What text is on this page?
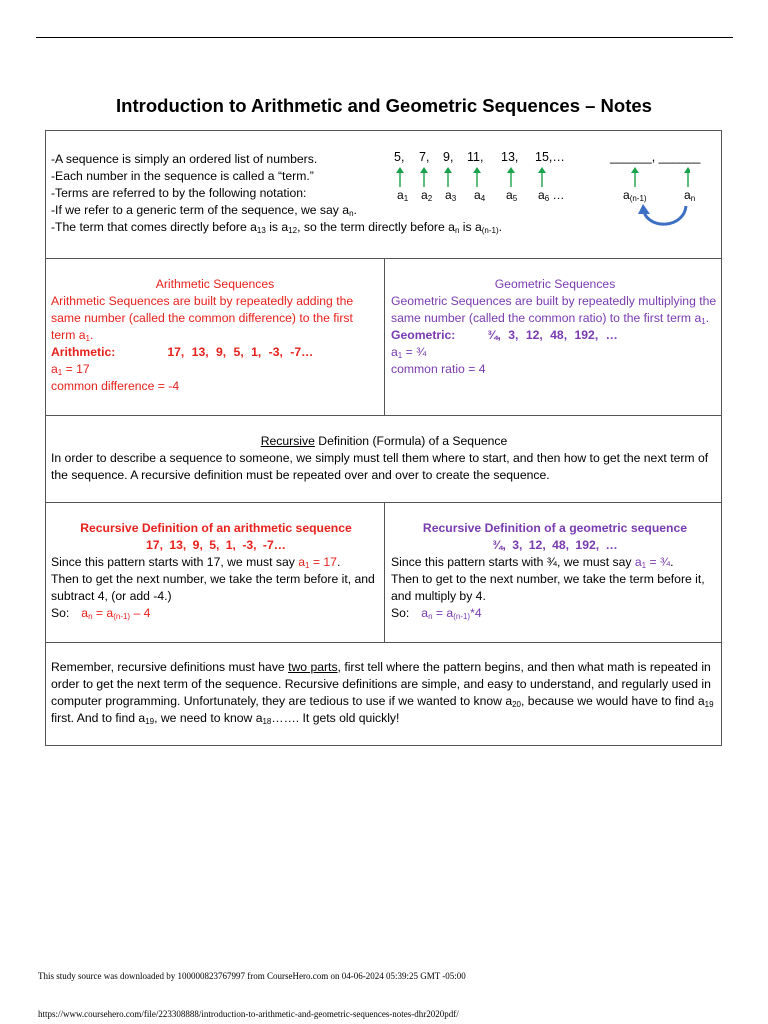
Introduction to Arithmetic and Geometric Sequences – Notes
-A sequence is simply an ordered list of numbers.
-Each number in the sequence is called a “term.”
-Terms are referred to by the following notation:
-If we refer to a generic term of the sequence, we say $a_n$.
-The term that comes directly before $a_{13}$ is $a_{12}$, so the term directly before $a_n$ is $a_{(n-1)}$.
5, 7, 9, 11, 13, 15,…	______, ______
$a_1$ $a_2$ $a_3$ $a_4$ $a_5$ $a_6$ …	$a_{(n-1)}$	$a_n$
Arithmetic Sequences
Arithmetic Sequences are built by repeatedly adding the same number (called the common difference) to the first term $a_1$.
Arithmetic:	17, 13, 9, 5, 1, -3, -7…
$a_1 = 17$
common difference = -4
Geometric Sequences
Geometric Sequences are built by repeatedly multiplying the same number (called the common ratio) to the first term $a_1$.
Geometric:	¾, 3, 12, 48, 192, …
$a_1$ = ¾
common ratio = 4
Recursive Definition (Formula) of a Sequence
In order to describe a sequence to someone, we simply must tell them where to start, and then how to get the next term of the sequence. A recursive definition must be repeated over and over to create the sequence.
Recursive Definition of an arithmetic sequence
17, 13, 9, 5, 1, -3, -7…
Since this pattern starts with 17, we must say $a_1 = 17$.
Then to get the next number, we take the term before it, and subtract 4, (or add -4.)
So: $a_n = a_{(n-1)} - 4$
Recursive Definition of a geometric sequence
¾, 3, 12, 48, 192, …
Since this pattern starts with ¾, we must say $a_1$ = ¾.
Then to get to the next number, we take the term before it, and multiply by 4.
So: $a_n = a_{(n-1)}*4$
Remember, recursive definitions must have two parts, first tell where the pattern begins, and then what math is repeated in order to get the next term of the sequence. Recursive definitions are simple, and easy to understand, and regularly used in computer programming. Unfortunately, they are tedious to use if we wanted to know $a_{20}$, because we would have to find $a_{19}$ first. And to find $a_{19}$, we need to know $a_{18}\dots\dots$. It gets old quickly!
This study source was downloaded by 100000823767997 from CourseHero.com on 04-06-2024 05:39:25 GMT -05:00
https://www.coursehero.com/file/223308888/introduction-to-arithmetic-and-geometric-sequences-notes-dhr2020pdf/
